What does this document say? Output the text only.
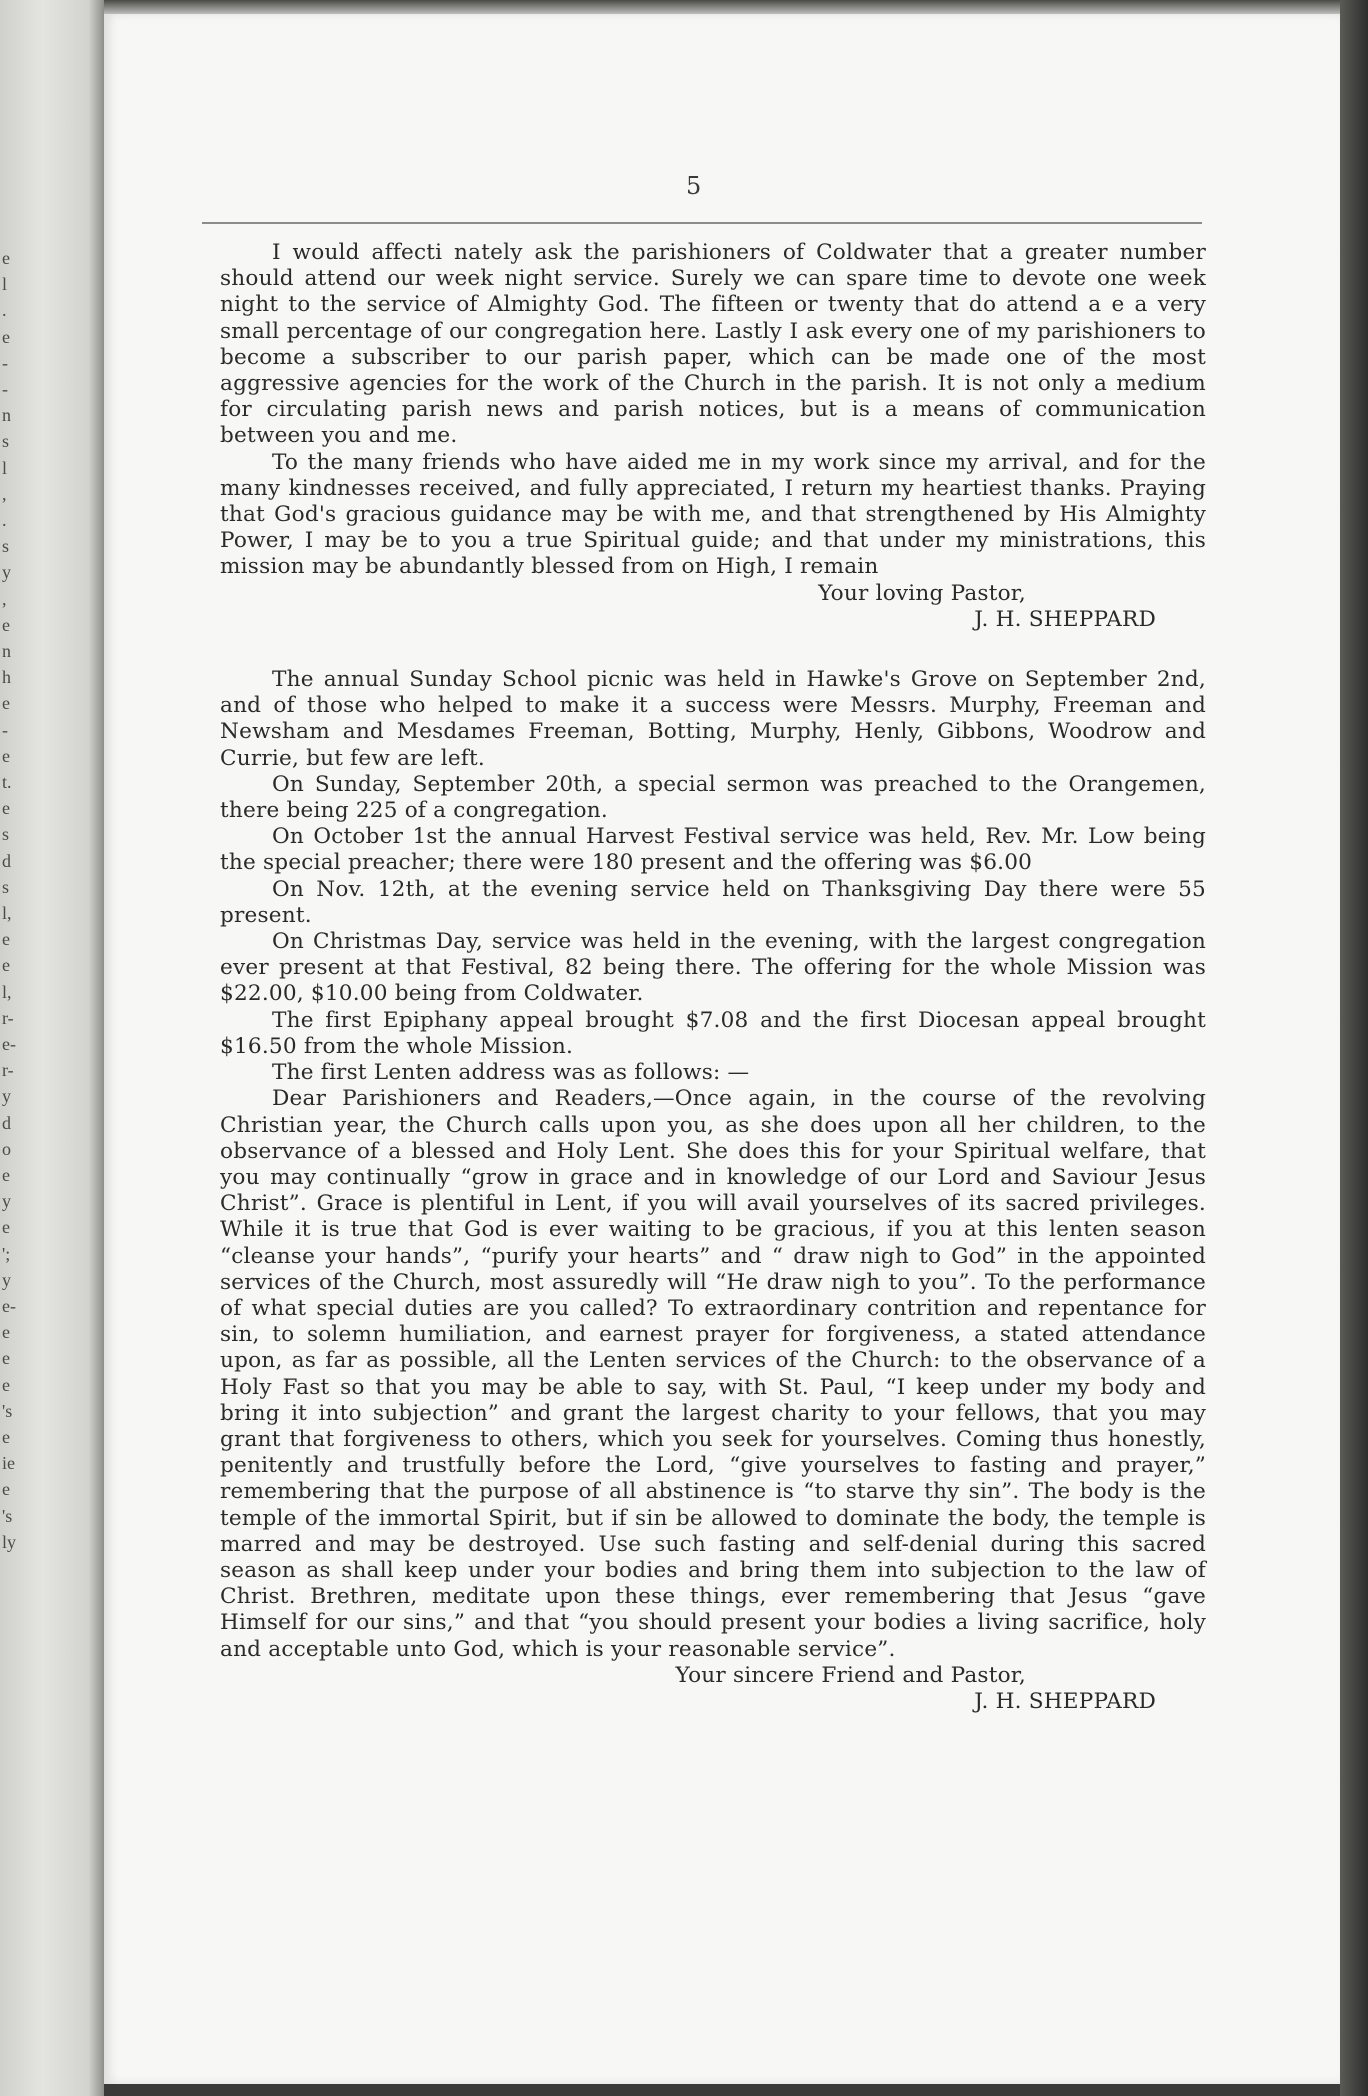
e
l
.
e
-
-
n
s
l
,
.
s
y
,
e
n
h
e
-
e
t.
e
s
d
s
l,
e
e
l,
r-
e-
r-
y
d
o
e
y
e
';
y
e-
e
e
e
's
e
ie
e
's
ly
5

I would affecti nately ask the parishioners of Coldwater that a greater number should attend our week night service. Surely we can spare time to devote one week night to the service of Almighty God. The fifteen or twenty that do attend a e a very small percentage of our congregation here. Lastly I ask every one of my parishioners to become a subscriber to our parish paper, which can be made one of the most aggressive agencies for the work of the Church in the parish. It is not only a medium for circulating parish news and parish notices, but is a means of communication between you and me.

To the many friends who have aided me in my work since my arrival, and for the many kindnesses received, and fully appreciated, I return my heartiest thanks. Praying that God's gracious guidance may be with me, and that strengthened by His Almighty Power, I may be to you a true Spiritual guide; and that under my ministrations, this mission may be abundantly blessed from on High, I remain

Your loving Pastor,

J. H. SHEPPARD

The annual Sunday School picnic was held in Hawke's Grove on September 2nd, and of those who helped to make it a success were Messrs. Murphy, Freeman and Newsham and Mesdames Freeman, Botting, Murphy, Henly, Gibbons, Woodrow and Currie, but few are left.

On Sunday, September 20th, a special sermon was preached to the Orangemen, there being 225 of a congregation.

On October 1st the annual Harvest Festival service was held, Rev. Mr. Low being the special preacher; there were 180 present and the offering was $6.00

On Nov. 12th, at the evening service held on Thanksgiving Day there were 55 present.

On Christmas Day, service was held in the evening, with the largest congregation ever present at that Festival, 82 being there. The offering for the whole Mission was $22.00, $10.00 being from Coldwater.

The first Epiphany appeal brought $7.08 and the first Diocesan appeal brought $16.50 from the whole Mission.

The first Lenten address was as follows: —

Dear Parishioners and Readers,—Once again, in the course of the revolving Christian year, the Church calls upon you, as she does upon all her children, to the observance of a blessed and Holy Lent. She does this for your Spiritual welfare, that you may continually “grow in grace and in knowledge of our Lord and Saviour Jesus Christ”. Grace is plentiful in Lent, if you will avail yourselves of its sacred privileges. While it is true that God is ever waiting to be gracious, if you at this lenten season “cleanse your hands”, “purify your hearts” and “ draw nigh to God” in the appointed services of the Church, most assuredly will “He draw nigh to you”. To the performance of what special duties are you called? To extraordinary contrition and repentance for sin, to solemn humiliation, and earnest prayer for forgiveness, a stated attendance upon, as far as possible, all the Lenten services of the Church: to the observance of a Holy Fast so that you may be able to say, with St. Paul, “I keep under my body and bring it into subjection” and grant the largest charity to your fellows, that you may grant that forgiveness to others, which you seek for yourselves. Coming thus honestly, penitently and trustfully before the Lord, “give yourselves to fasting and prayer,” remembering that the purpose of all abstinence is “to starve thy sin”. The body is the temple of the immortal Spirit, but if sin be allowed to dominate the body, the temple is marred and may be destroyed. Use such fasting and self-denial during this sacred season as shall keep under your bodies and bring them into subjection to the law of Christ. Brethren, meditate upon these things, ever remembering that Jesus “gave Himself for our sins,” and that “you should present your bodies a living sacrifice, holy and acceptable unto God, which is your reasonable service”.

Your sincere Friend and Pastor,

J. H. SHEPPARD
